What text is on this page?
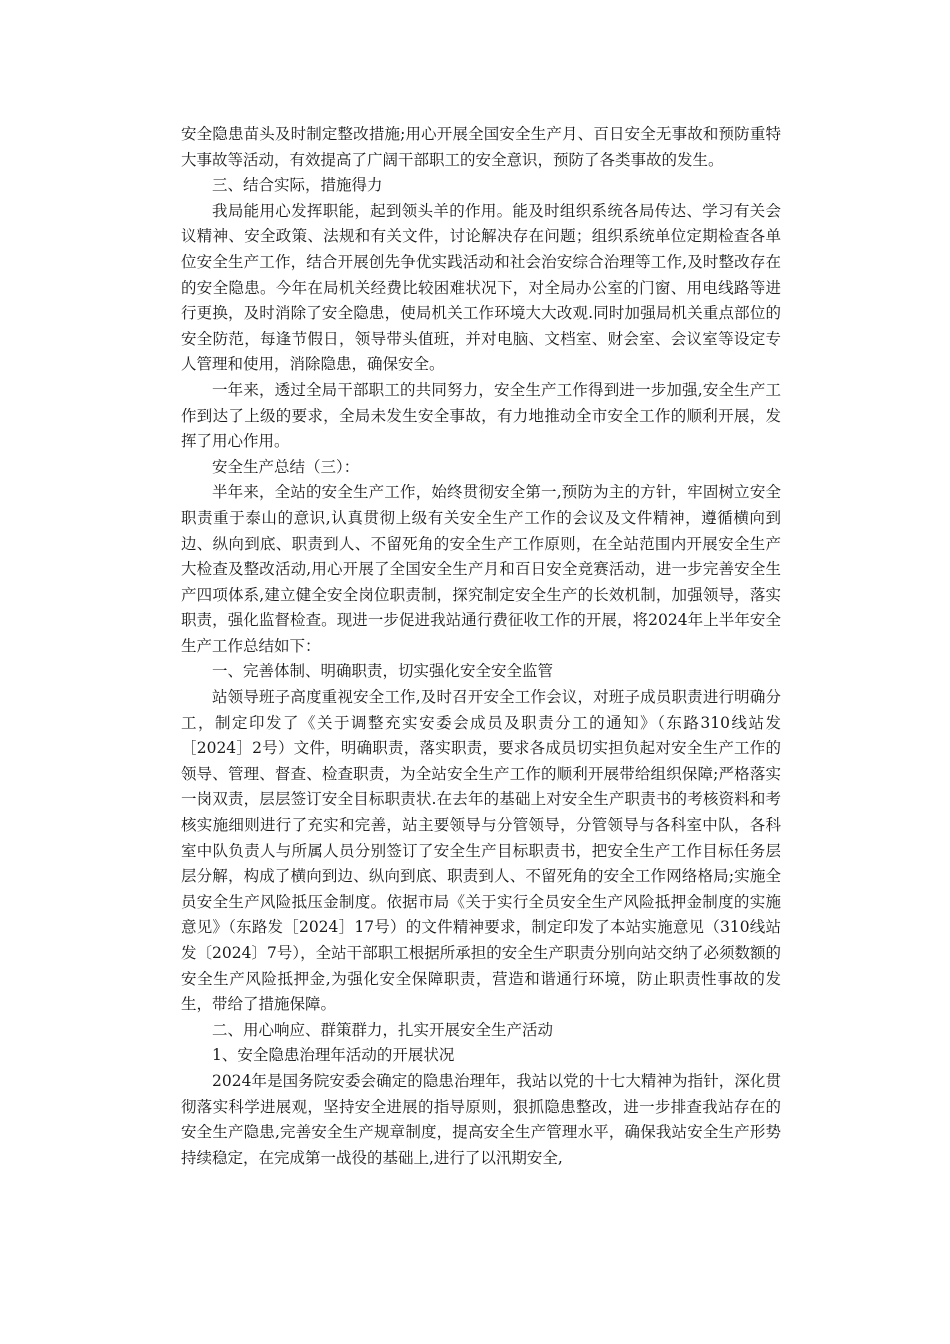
安全隐患苗头及时制定整改措施;用心开展全国安全生产月、百日安全无事故和预防重特大事故等活动，有效提高了广阔干部职工的安全意识，预防了各类事故的发生。

三、结合实际，措施得力

我局能用心发挥职能，起到领头羊的作用。能及时组织系统各局传达、学习有关会议精神、安全政策、法规和有关文件，讨论解决存在问题；组织系统单位定期检查各单位安全生产工作，结合开展创先争优实践活动和社会治安综合治理等工作,及时整改存在的安全隐患。今年在局机关经费比较困难状况下，对全局办公室的门窗、用电线路等进行更换，及时消除了安全隐患，使局机关工作环境大大改观.同时加强局机关重点部位的安全防范，每逢节假日，领导带头值班，并对电脑、文档室、财会室、会议室等设定专人管理和使用，消除隐患，确保安全。

一年来，透过全局干部职工的共同努力，安全生产工作得到进一步加强,安全生产工作到达了上级的要求，全局未发生安全事故，有力地推动全市安全工作的顺利开展，发挥了用心作用。

安全生产总结（三）：

半年来，全站的安全生产工作，始终贯彻安全第一,预防为主的方针，牢固树立安全职责重于泰山的意识,认真贯彻上级有关安全生产工作的会议及文件精神，遵循横向到边、纵向到底、职责到人、不留死角的安全生产工作原则，在全站范围内开展安全生产大检查及整改活动,用心开展了全国安全生产月和百日安全竞赛活动，进一步完善安全生产四项体系,建立健全安全岗位职责制，探究制定安全生产的长效机制，加强领导，落实职责，强化监督检查。现进一步促进我站通行费征收工作的开展，将2024年上半年安全生产工作总结如下：

一、完善体制、明确职责，切实强化安全安全监管

站领导班子高度重视安全工作,及时召开安全工作会议，对班子成员职责进行明确分工，制定印发了《关于调整充实安委会成员及职责分工的通知》（东路310线站发［2024］2号）文件，明确职责，落实职责，要求各成员切实担负起对安全生产工作的领导、管理、督查、检查职责，为全站安全生产工作的顺利开展带给组织保障;严格落实一岗双责，层层签订安全目标职责状.在去年的基础上对安全生产职责书的考核资料和考核实施细则进行了充实和完善，站主要领导与分管领导，分管领导与各科室中队，各科室中队负责人与所属人员分别签订了安全生产目标职责书，把安全生产工作目标任务层层分解，构成了横向到边、纵向到底、职责到人、不留死角的安全工作网络格局;实施全员安全生产风险抵压金制度。依据市局《关于实行全员安全生产风险抵押金制度的实施意见》（东路发［2024］17号）的文件精神要求，制定印发了本站实施意见（310线站发〔2024〕7号），全站干部职工根据所承担的安全生产职责分别向站交纳了必须数额的安全生产风险抵押金,为强化安全保障职责，营造和谐通行环境，防止职责性事故的发生，带给了措施保障。

二、用心响应、群策群力，扎实开展安全生产活动

1、安全隐患治理年活动的开展状况

2024年是国务院安委会确定的隐患治理年，我站以党的十七大精神为指针，深化贯彻落实科学进展观，坚持安全进展的指导原则，狠抓隐患整改，进一步排查我站存在的安全生产隐患,完善安全生产规章制度，提高安全生产管理水平，确保我站安全生产形势持续稳定，在完成第一战役的基础上,进行了以汛期安全,
